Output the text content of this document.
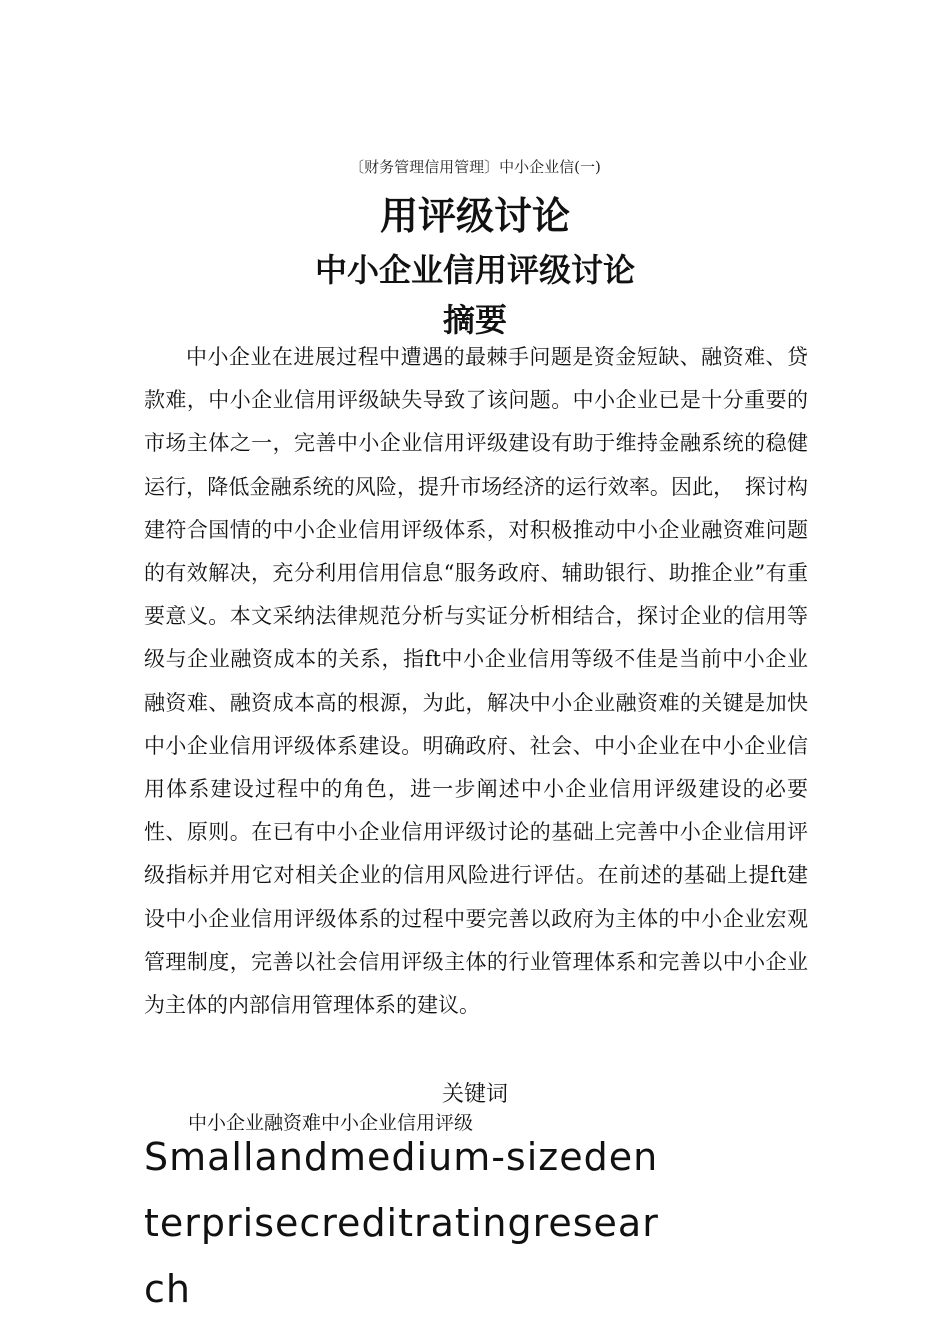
〔财务管理信用管理〕中小企业信(一)
用评级讨论
中小企业信用评级讨论
摘要

中小企业在进展过程中遭遇的最棘手问题是资金短缺、融资难、贷款难，中小企业信用评级缺失导致了该问题。中小企业已是十分重要的市场主体之一，完善中小企业信用评级建设有助于维持金融系统的稳健运行，降低金融系统的风险，提升市场经济的运行效率。因此，　探讨构建符合国情的中小企业信用评级体系，对积极推动中小企业融资难问题的有效解决，充分利用信用信息“服务政府、辅助银行、助推企业”有重要意义。本文采纳法律规范分析与实证分析相结合，探讨企业的信用等级与企业融资成本的关系，指ft中小企业信用等级不佳是当前中小企业融资难、融资成本高的根源，为此，解决中小企业融资难的关键是加快中小企业信用评级体系建设。明确政府、社会、中小企业在中小企业信用体系建设过程中的角色，进一步阐述中小企业信用评级建设的必要性、原则。在已有中小企业信用评级讨论的基础上完善中小企业信用评级指标并用它对相关企业的信用风险进行评估。在前述的基础上提ft建设中小企业信用评级体系的过程中要完善以政府为主体的中小企业宏观管理制度，完善以社会信用评级主体的行业管理体系和完善以中小企业为主体的内部信用管理体系的建议。

关键词
中小企业融资难中小企业信用评级

Smallandmedium-sizedenterprisecreditratingresearch
